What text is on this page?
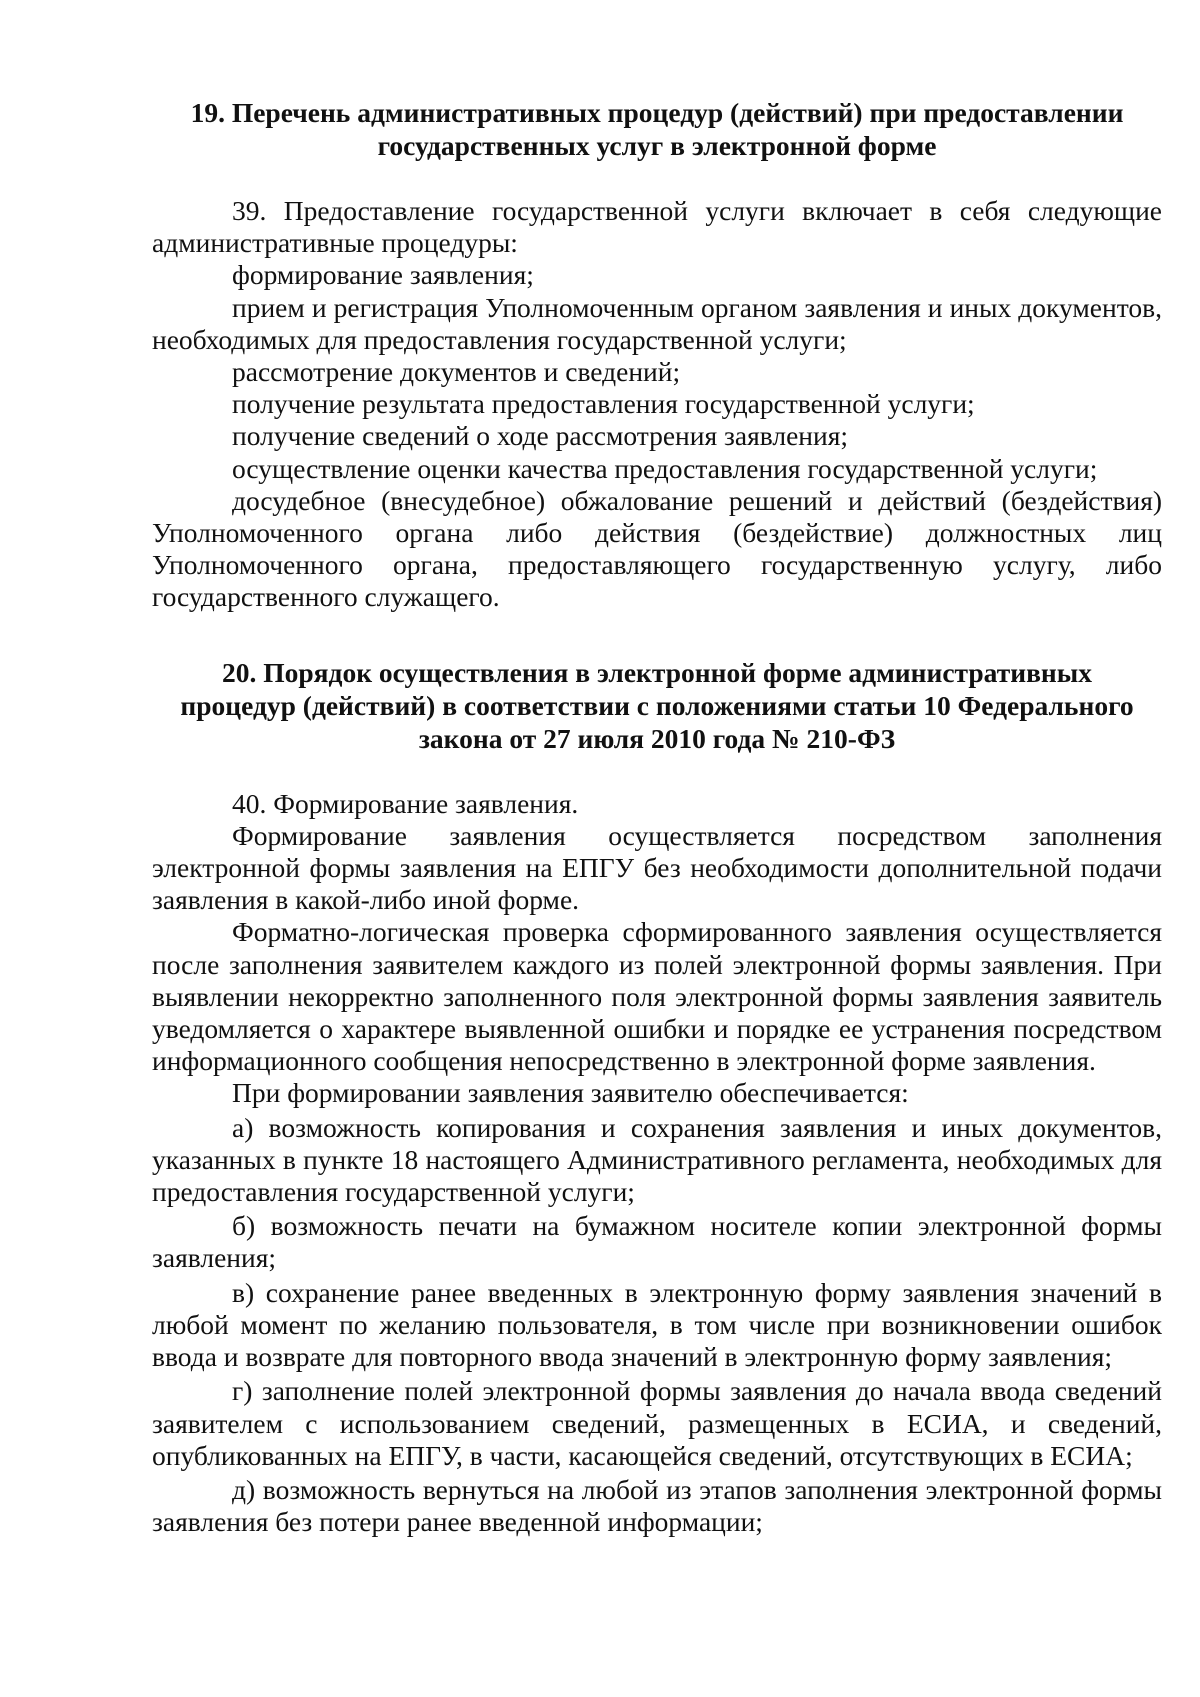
19. Перечень административных процедур (действий) при предоставлении
государственных услуг в электронной форме

39. Предоставление государственной услуги включает в себя следующие административные процедуры:

формирование заявления;

прием и регистрация Уполномоченным органом заявления и иных документов, необходимых для предоставления государственной услуги;

рассмотрение документов и сведений;

получение результата предоставления государственной услуги;

получение сведений о ходе рассмотрения заявления;

осуществление оценки качества предоставления государственной услуги;

досудебное (внесудебное) обжалование решений и действий (бездействия) Уполномоченного органа либо действия (бездействие) должностных лиц Уполномоченного органа, предоставляющего государственную услугу, либо государственного служащего.

20. Порядок осуществления в электронной форме административных
процедур (действий) в соответствии с положениями статьи 10 Федерального
закона от 27 июля 2010 года № 210-ФЗ

40. Формирование заявления.

Формирование заявления осуществляется посредством заполнения электронной формы заявления на ЕПГУ без необходимости дополнительной подачи заявления в какой-либо иной форме.

Форматно-логическая проверка сформированного заявления осуществляется после заполнения заявителем каждого из полей электронной формы заявления. При выявлении некорректно заполненного поля электронной формы заявления заявитель уведомляется о характере выявленной ошибки и порядке ее устранения посредством информационного сообщения непосредственно в электронной форме заявления.

При формировании заявления заявителю обеспечивается:

а) возможность копирования и сохранения заявления и иных документов, указанных в пункте 18 настоящего Административного регламента, необходимых для предоставления государственной услуги;

б) возможность печати на бумажном носителе копии электронной формы заявления;

в) сохранение ранее введенных в электронную форму заявления значений в любой момент по желанию пользователя, в том числе при возникновении ошибок ввода и возврате для повторного ввода значений в электронную форму заявления;

г) заполнение полей электронной формы заявления до начала ввода сведений заявителем с использованием сведений, размещенных в ЕСИА, и сведений, опубликованных на ЕПГУ, в части, касающейся сведений, отсутствующих в ЕСИА;

д) возможность вернуться на любой из этапов заполнения электронной формы заявления без потери ранее введенной информации;
